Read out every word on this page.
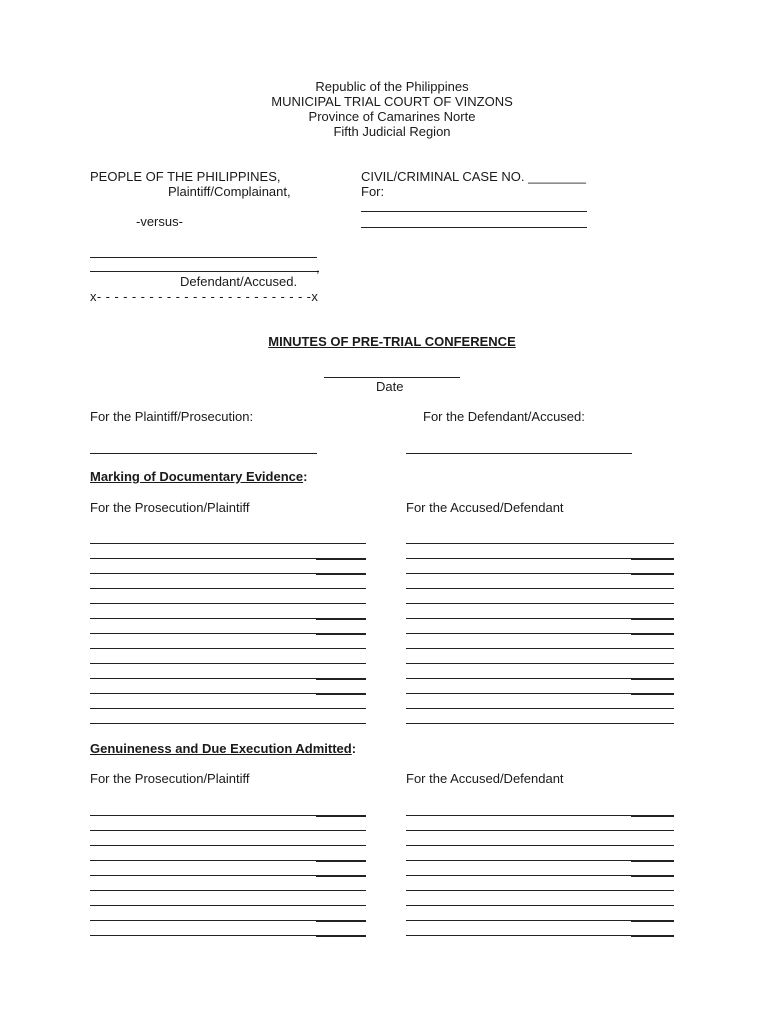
Republic of the Philippines
MUNICIPAL TRIAL COURT OF VINZONS
Province of Camarines Norte
Fifth Judicial Region
PEOPLE OF THE PHILIPPINES,
Plaintiff/Complainant,
-versus-
,
Defendant/Accused.
x- - - - - - - - - - - - - - - - - - - - - - - - -x
CIVIL/CRIMINAL CASE NO. ________
For:
MINUTES OF PRE-TRIAL CONFERENCE
Date
For the Plaintiff/Prosecution:	For the Defendant/Accused:
Marking of Documentary Evidence:
For the Prosecution/Plaintiff	For the Accused/Defendant
Genuineness and Due Execution Admitted:
For the Prosecution/Plaintiff	For the Accused/Defendant
